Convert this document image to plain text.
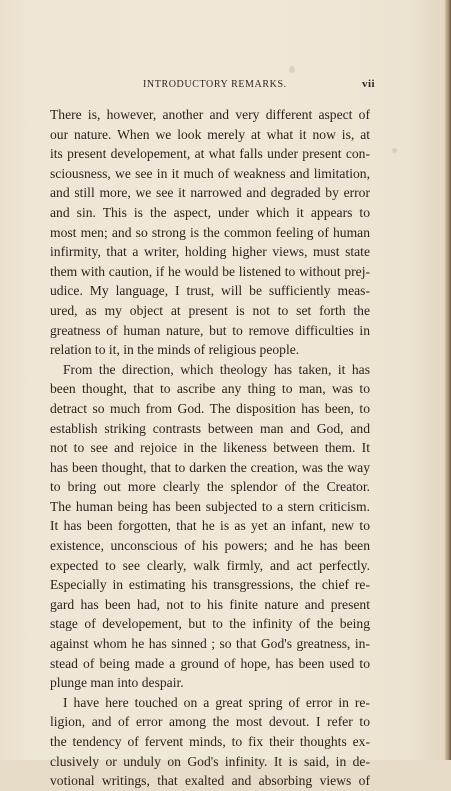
INTRODUCTORY REMARKS.	vii
There is, however, another and very different aspect of
our nature. When we look merely at what it now is, at
its present developement, at what falls under present con-
sciousness, we see in it much of weakness and limitation,
and still more, we see it narrowed and degraded by error
and sin. This is the aspect, under which it appears to
most men; and so strong is the common feeling of human
infirmity, that a writer, holding higher views, must state
them with caution, if he would be listened to without prej-
udice. My language, I trust, will be sufficiently meas-
ured, as my object at present is not to set forth the
greatness of human nature, but to remove difficulties in
relation to it, in the minds of religious people.
From the direction, which theology has taken, it has
been thought, that to ascribe any thing to man, was to
detract so much from God. The disposition has been, to
establish striking contrasts between man and God, and
not to see and rejoice in the likeness between them. It
has been thought, that to darken the creation, was the way
to bring out more clearly the splendor of the Creator.
The human being has been subjected to a stern criticism.
It has been forgotten, that he is as yet an infant, new to
existence, unconscious of his powers; and he has been
expected to see clearly, walk firmly, and act perfectly.
Especially in estimating his transgressions, the chief re-
gard has been had, not to his finite nature and present
stage of developement, but to the infinity of the being
against whom he has sinned ; so that God's greatness, in-
stead of being made a ground of hope, has been used to
plunge man into despair.
I have here touched on a great spring of error in re-
ligion, and of error among the most devout. I refer to
the tendency of fervent minds, to fix their thoughts ex-
clusively or unduly on God's infinity. It is said, in de-
votional writings, that exalted and absorbing views of
